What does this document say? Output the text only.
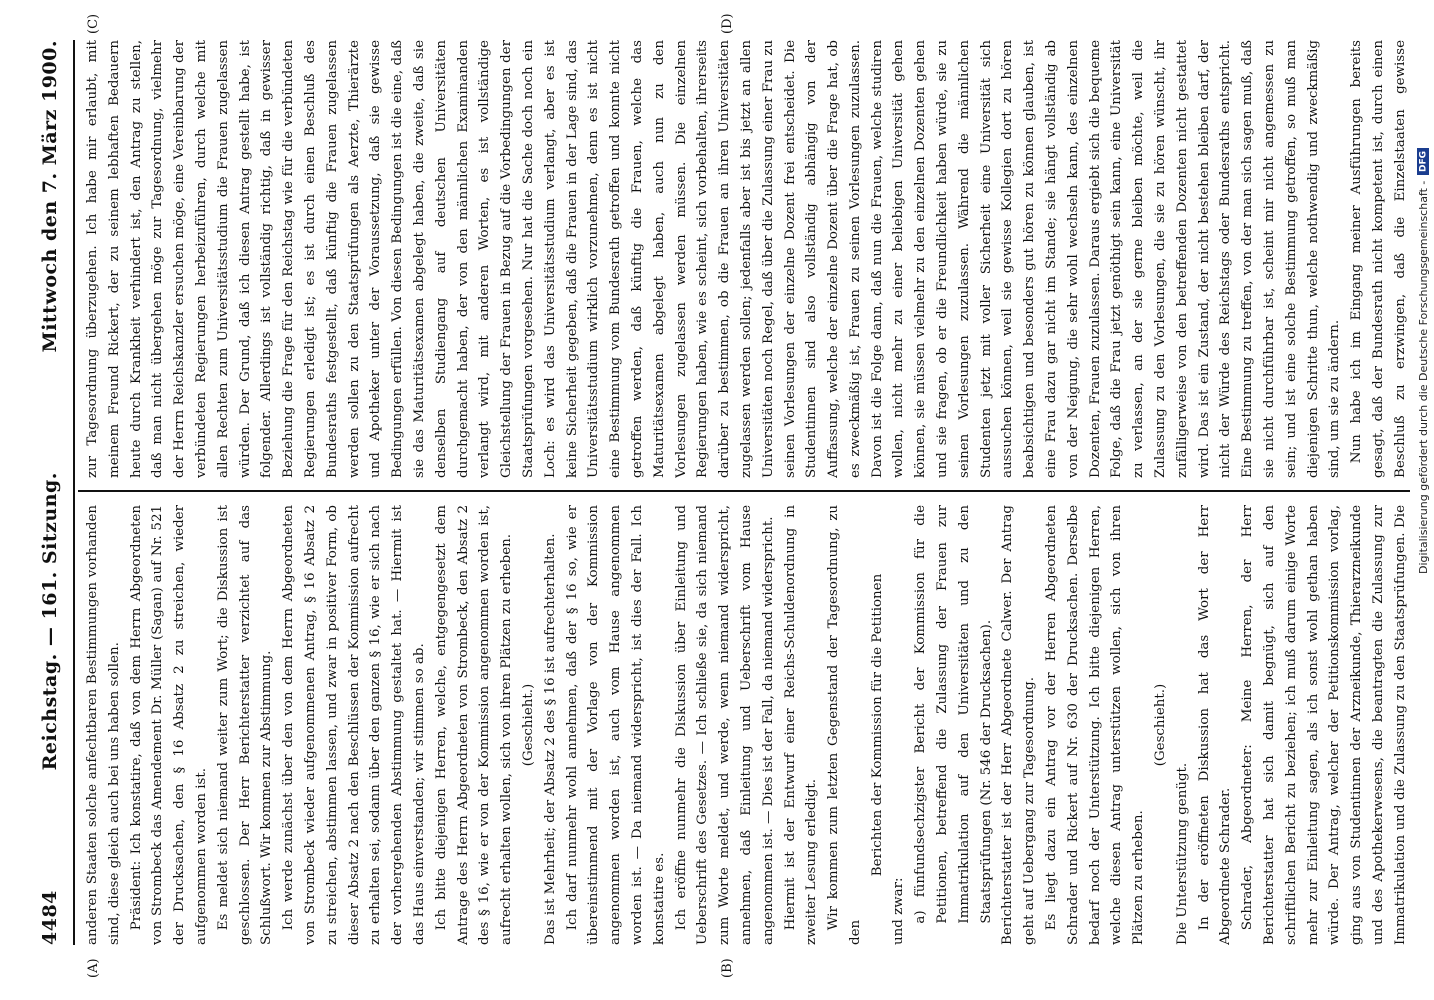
4484
Reichstag. — 161. Sitzung.
Mittwoch den 7. März 1900.
(A)	(B)
(C)	(D)

anderen Staaten solche anfechtbaren Bestimmungen vorhanden sind, diese gleich auch bei uns haben sollen. Präsident: Ich konstatire, daß von dem Herrn Abgeordneten von Strombeck das Amendement Dr. Müller (Sagan) auf Nr. 521 der Drucksachen, den § 16 Absatz 2 zu streichen, wieder aufgenommen worden ist. Es meldet sich niemand weiter zum Wort; die Diskussion ist geschlossen. Der Herr Berichterstatter verzichtet auf das Schlußwort. Wir kommen zur Abstimmung. Ich werde zunächst über den von dem Herrn Abgeordneten von Strombeck wieder aufgenommenen Antrag, § 16 Absatz 2 zu streichen, abstimmen lassen, und zwar in positiver Form, ob dieser Absatz 2 nach den Beschlüssen der Kommission aufrecht zu erhalten sei, sodann über den ganzen § 16, wie er sich nach der vorhergehenden Abstimmung gestaltet hat. — Hiermit ist das Haus einverstanden; wir stimmen so ab. Ich bitte diejenigen Herren, welche, entgegengesetzt dem Antrage des Herrn Abgeordneten von Strombeck, den Absatz 2 des § 16, wie er von der Kommission angenommen worden ist, aufrecht erhalten wollen, sich von ihren Plätzen zu erheben. (Geschieht.) Das ist Mehrheit; der Absatz 2 des § 16 ist aufrechterhalten. Ich darf nunmehr wohl annehmen, daß der § 16 so, wie er übereinstimmend mit der Vorlage von der Kommission angenommen worden ist, auch vom Hause angenommen worden ist. — Da niemand widerspricht, ist dies der Fall. Ich konstatire es. Ich eröffne nunmehr die Diskussion über Einleitung und Ueberschrift des Gesetzes. — Ich schließe sie, da sich niemand zum Worte meldet, und werde, wenn niemand widerspricht, annehmen, daß Einleitung und Ueberschrift vom Hause angenommen ist. — Dies ist der Fall, da niemand widerspricht. Hiermit ist der Entwurf einer Reichs-Schuldenordnung in zweiter Lesung erledigt. Wir kommen zum letzten Gegenstand der Tagesordnung, zu den

Berichten der Kommission für die Petitionen

und zwar: a) fünfundsechzigster Bericht der Kommission für die Petitionen, betreffend die Zulassung der Frauen zur Immatrikulation auf den Universitäten und zu den Staatsprüfungen (Nr. 546 der Drucksachen). Berichterstatter ist der Herr Abgeordnete Calwer. Der Antrag geht auf Uebergang zur Tagesordnung. Es liegt dazu ein Antrag vor der Herren Abgeordneten Schrader und Rickert auf Nr. 630 der Drucksachen. Derselbe bedarf noch der Unterstützung. Ich bitte diejenigen Herren, welche diesen Antrag unterstützen wollen, sich von ihren Plätzen zu erheben.

(Geschieht.)

Die Unterstützung genügt. In der eröffneten Diskussion hat das Wort der Herr Abgeordnete Schrader. Schrader, Abgeordneter: Meine Herren, der Herr Berichterstatter hat sich damit begnügt, sich auf den schriftlichen Bericht zu beziehen; ich muß darum einige Worte mehr zur Einleitung sagen, als ich sonst wohl gethan haben würde. Der Antrag, welcher der Petitionskommission vorlag, ging aus von Studentinnen der Arzneikunde, Thierarzneikunde und des Apothekerwesens, die beantragten die Zulassung zur Immatrikulation und die Zulassung zu den Staatsprüfungen. Die

zur Tagesordnung überzugehen. Ich habe mir erlaubt, mit meinem Freund Rickert, der zu seinem lebhaften Bedauern heute durch Krankheit verhindert ist, den Antrag zu stellen, daß man nicht übergehen möge zur Tagesordnung, vielmehr der Herrn Reichskanzler ersuchen möge, eine Vereinbarung der verbündeten Regierungen herbeizuführen, durch welche mit allen Rechten zum Universitätsstudium die Frauen zugelassen würden. Der Grund, daß ich diesen Antrag gestellt habe, ist folgender. Allerdings ist vollständig richtig, daß in gewisser Beziehung die Frage für den Reichstag wie für die verbündeten Regierungen erledigt ist; es ist durch einen Beschluß des Bundesraths festgestellt, daß künftig die Frauen zugelassen werden sollen zu den Staatsprüfungen als Aerzte, Thierärzte und Apotheker unter der Voraussetzung, daß sie gewisse Bedingungen erfüllen. Von diesen Bedingungen ist die eine, daß sie das Maturitätsexamen abgelegt haben, die zweite, daß sie denselben Studiengang auf deutschen Universitäten durchgemacht haben, der von den männlichen Examinanden verlangt wird, mit anderen Worten, es ist vollständige Gleichstellung der Frauen in Bezug auf die Vorbedingungen der Staatsprüfungen vorgesehen. Nur hat die Sache doch noch ein Loch: es wird das Universitätsstudium verlangt, aber es ist keine Sicherheit gegeben, daß die Frauen in der Lage sind, das Universitätsstudium wirklich vorzunehmen, denn es ist nicht eine Bestimmung vom Bundesrath getroffen und konnte nicht getroffen werden, daß künftig die Frauen, welche das Maturitätsexamen abgelegt haben, auch nun zu den Vorlesungen zugelassen werden müssen. Die einzelnen Regierungen haben, wie es scheint, sich vorbehalten, ihrerseits darüber zu bestimmen, ob die Frauen an ihren Universitäten zugelassen werden sollen; jedenfalls aber ist bis jetzt an allen Universitäten noch Regel, daß über die Zulassung einer Frau zu seinen Vorlesungen der einzelne Dozent frei entscheidet. Die Studentinnen sind also vollständig abhängig von der Auffassung, welche der einzelne Dozent über die Frage hat, ob es zweckmäßig ist, Frauen zu seinen Vorlesungen zuzulassen. Davon ist die Folge dann, daß nun die Frauen, welche studiren wollen, nicht mehr zu einer beliebigen Universität gehen können, sie müssen vielmehr zu den einzelnen Dozenten gehen und sie fragen, ob er die Freundlichkeit haben würde, sie zu seinen Vorlesungen zuzulassen. Während die männlichen Studenten jetzt mit voller Sicherheit eine Universität sich aussuchen können, weil sie gewisse Kollegien dort zu hören beabsichtigen und besonders gut hören zu können glauben, ist eine Frau dazu gar nicht im Stande; sie hängt vollständig ab von der Neigung, die sehr wohl wechseln kann, des einzelnen Dozenten, Frauen zuzulassen. Daraus ergiebt sich die bequeme Folge, daß die Frau jetzt genöthigt sein kann, eine Universität zu verlassen, an der sie gerne bleiben möchte, weil die Zulassung zu den Vorlesungen, die sie zu hören wünscht, ihr zufälligerweise von den betreffenden Dozenten nicht gestattet wird. Das ist ein Zustand, der nicht bestehen bleiben darf, der nicht der Würde des Reichstags oder Bundesraths entspricht. Eine Bestimmung zu treffen, von der man sich sagen muß, daß sie nicht durchführbar ist, scheint mir nicht angemessen zu sein; und ist eine solche Bestimmung getroffen, so muß man diejenigen Schritte thun, welche nothwendig und zweckmäßig sind, um sie zu ändern. Nun habe ich im Eingang meiner Ausführungen bereits gesagt, daß der Bundesrath nicht kompetent ist, durch einen Beschluß zu erzwingen, daß die Einzelstaaten gewisse

Digitalisierung gefördert durch die Deutsche Forschungsgemeinschaft -
DFG
